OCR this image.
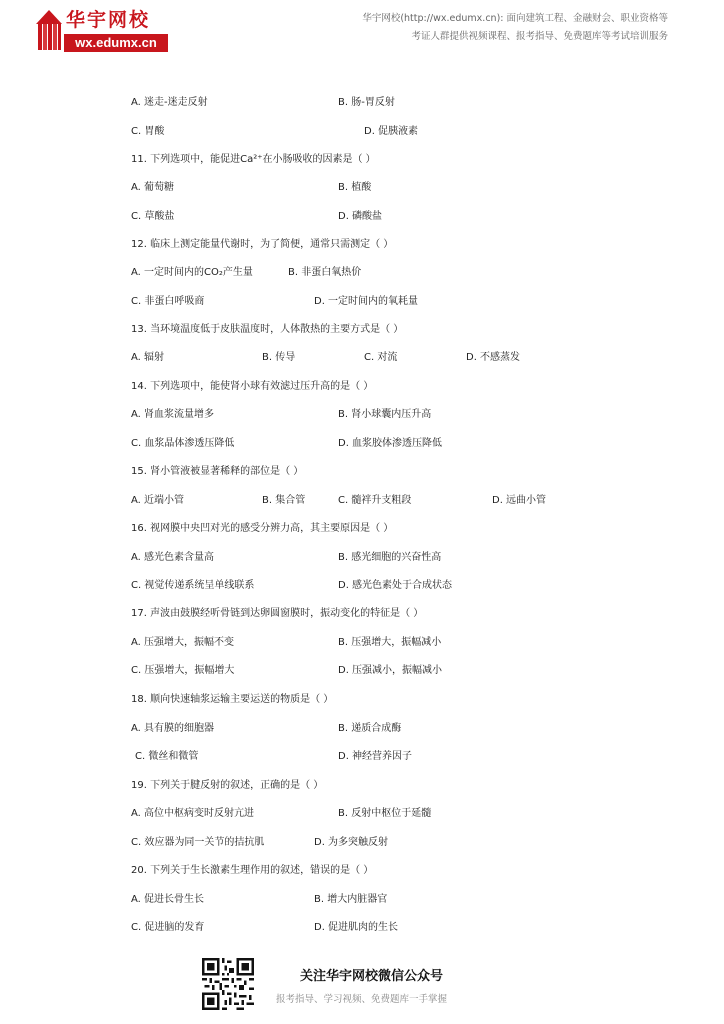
华宇网校
wx.edumx.cn
华宇网校(http://wx.edumx.cn): 面向建筑工程、金融财会、职业资格等
考证人群提供视频课程、报考指导、免费题库等考试培训服务
A. 迷走-迷走反射	B. 肠-胃反射
C. 胃酸	D. 促胰液素
11. 下列选项中，能促进Ca²⁺在小肠吸收的因素是（ ）
A. 葡萄糖	B. 植酸
C. 草酸盐	D. 磷酸盐
12. 临床上测定能量代谢时，为了简便，通常只需测定（ ）
A. 一定时间内的CO₂产生量	B. 非蛋白氧热价
C. 非蛋白呼吸商	D. 一定时间内的氧耗量
13. 当环境温度低于皮肤温度时，人体散热的主要方式是（ ）
A. 辐射	B. 传导	C. 对流	D. 不感蒸发
14. 下列选项中，能使肾小球有效滤过压升高的是（ ）
A. 肾血浆流量增多	B. 肾小球囊内压升高
C. 血浆晶体渗透压降低	D. 血浆胶体渗透压降低
15. 肾小管液被显著稀释的部位是（ ）
A. 近端小管	B. 集合管	C. 髓袢升支粗段	D. 远曲小管
16. 视网膜中央凹对光的感受分辨力高，其主要原因是（ ）
A. 感光色素含量高	B. 感光细胞的兴奋性高
C. 视觉传递系统呈单线联系	D. 感光色素处于合成状态
17. 声波由鼓膜经听骨链到达卵圆窗膜时，振动变化的特征是（ ）
A. 压强增大，振幅不变	B. 压强增大，振幅减小
C. 压强增大，振幅增大	D. 压强减小，振幅减小
18. 顺向快速轴浆运输主要运送的物质是（ ）
A. 具有膜的细胞器	B. 递质合成酶
C. 微丝和微管	D. 神经营养因子
19. 下列关于腱反射的叙述，正确的是（ ）
A. 高位中枢病变时反射亢进	B. 反射中枢位于延髓
C. 效应器为同一关节的拮抗肌	D. 为多突触反射
20. 下列关于生长激素生理作用的叙述，错误的是（ ）
A. 促进长骨生长	B. 增大内脏器官
C. 促进脑的发育	D. 促进肌肉的生长
关注华宇网校微信公众号
报考指导、学习视频、免费题库一手掌握
